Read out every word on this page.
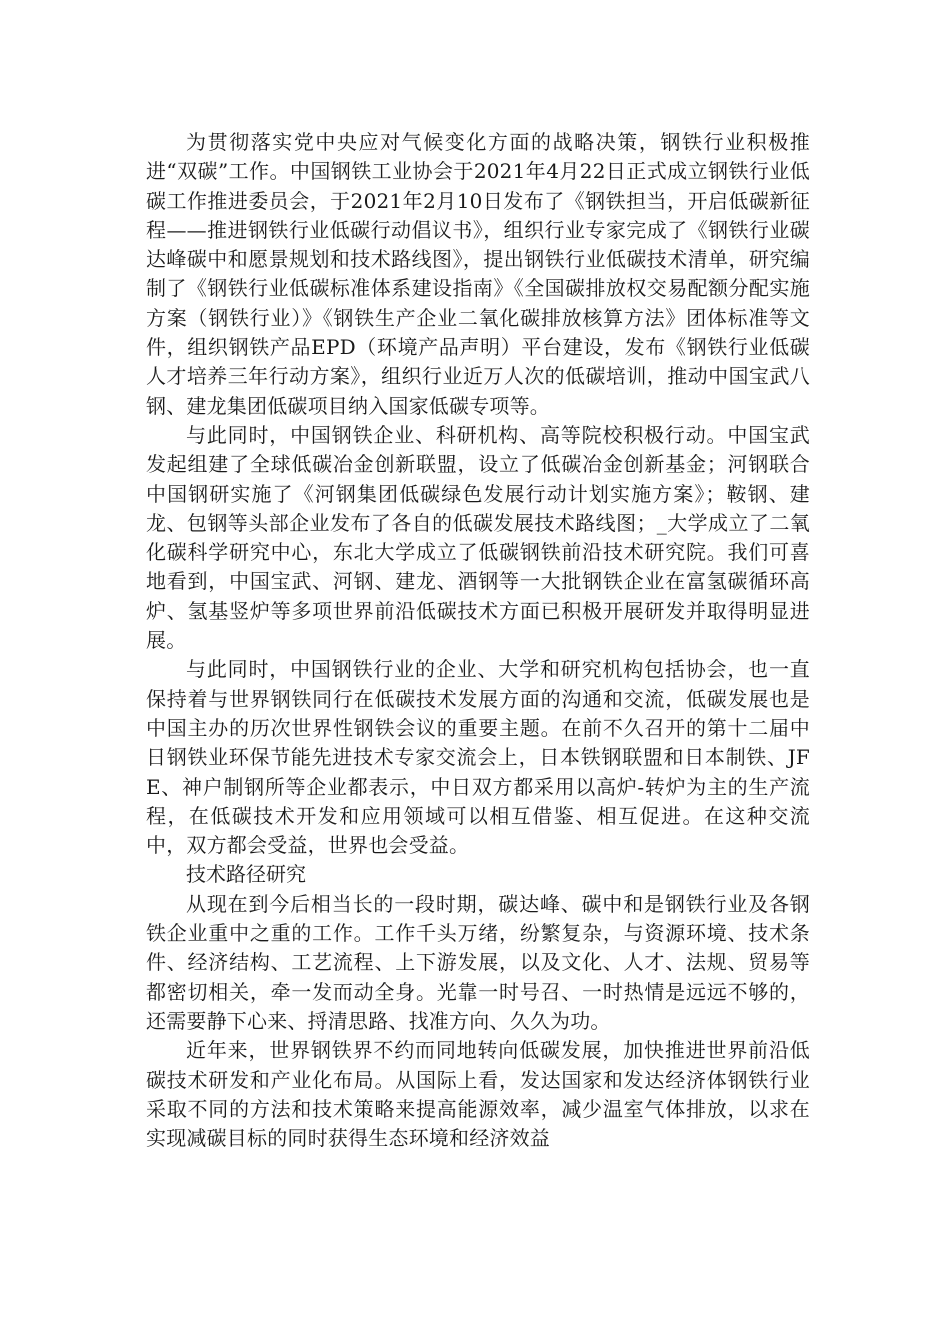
为贯彻落实党中央应对气候变化方面的战略决策，钢铁行业积极推进“双碳”工作。中国钢铁工业协会于2021年4月22日正式成立钢铁行业低碳工作推进委员会，于2021年2月10日发布了《钢铁担当，开启低碳新征程——推进钢铁行业低碳行动倡议书》，组织行业专家完成了《钢铁行业碳达峰碳中和愿景规划和技术路线图》，提出钢铁行业低碳技术清单，研究编制了《钢铁行业低碳标准体系建设指南》《全国碳排放权交易配额分配实施方案（钢铁行业）》《钢铁生产企业二氧化碳排放核算方法》团体标准等文件，组织钢铁产品EPD（环境产品声明）平台建设，发布《钢铁行业低碳人才培养三年行动方案》，组织行业近万人次的低碳培训，推动中国宝武八钢、建龙集团低碳项目纳入国家低碳专项等。

与此同时，中国钢铁企业、科研机构、高等院校积极行动。中国宝武发起组建了全球低碳冶金创新联盟，设立了低碳冶金创新基金；河钢联合中国钢研实施了《河钢集团低碳绿色发展行动计划实施方案》；鞍钢、建龙、包钢等头部企业发布了各自的低碳发展技术路线图；_大学成立了二氧化碳科学研究中心，东北大学成立了低碳钢铁前沿技术研究院。我们可喜地看到，中国宝武、河钢、建龙、酒钢等一大批钢铁企业在富氢碳循环高炉、氢基竖炉等多项世界前沿低碳技术方面已积极开展研发并取得明显进展。

与此同时，中国钢铁行业的企业、大学和研究机构包括协会，也一直保持着与世界钢铁同行在低碳技术发展方面的沟通和交流，低碳发展也是中国主办的历次世界性钢铁会议的重要主题。在前不久召开的第十二届中日钢铁业环保节能先进技术专家交流会上，日本铁钢联盟和日本制铁、JFE、神户制钢所等企业都表示，中日双方都采用以高炉-转炉为主的生产流程，在低碳技术开发和应用领域可以相互借鉴、相互促进。在这种交流中，双方都会受益，世界也会受益。

技术路径研究

从现在到今后相当长的一段时期，碳达峰、碳中和是钢铁行业及各钢铁企业重中之重的工作。工作千头万绪，纷繁复杂，与资源环境、技术条件、经济结构、工艺流程、上下游发展，以及文化、人才、法规、贸易等都密切相关，牵一发而动全身。光靠一时号召、一时热情是远远不够的，还需要静下心来、捋清思路、找准方向、久久为功。

近年来，世界钢铁界不约而同地转向低碳发展，加快推进世界前沿低碳技术研发和产业化布局。从国际上看，发达国家和发达经济体钢铁行业采取不同的方法和技术策略来提高能源效率，减少温室气体排放，以求在实现减碳目标的同时获得生态环境和经济效益
